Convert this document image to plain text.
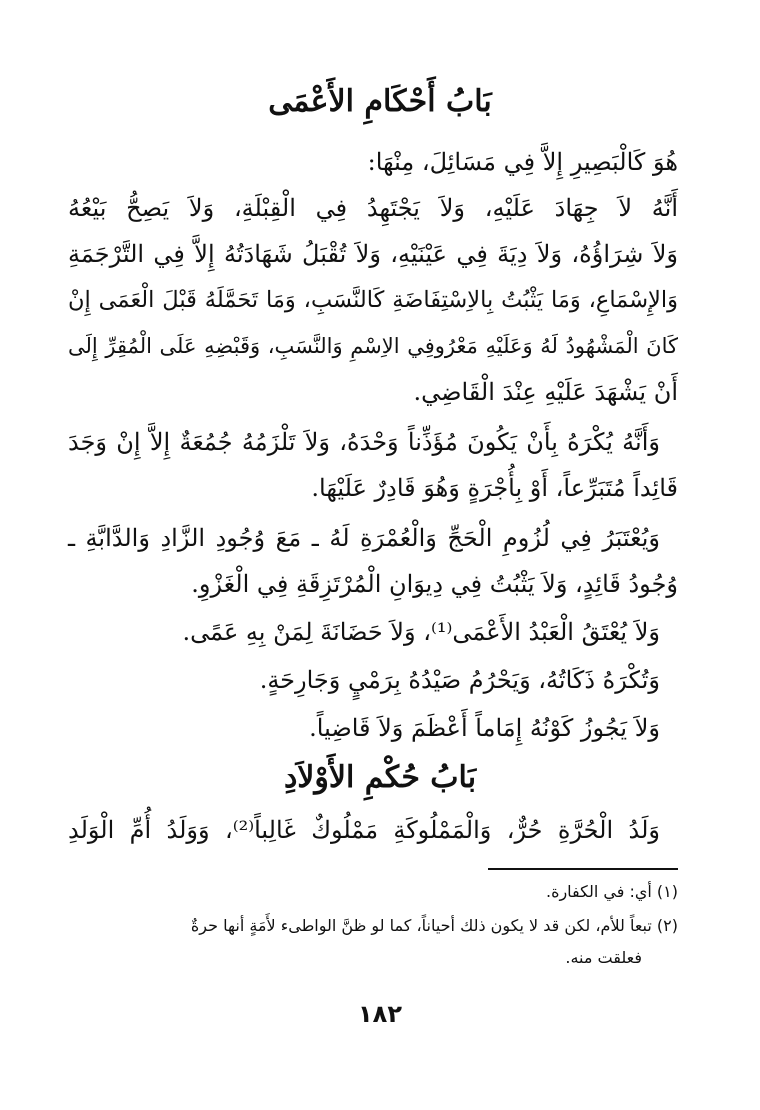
بَابُ أَحْكَامِ الأَعْمَى
هُوَ كَالْبَصِيرِ إِلاَّ فِي مَسَائِلَ، مِنْهَا:
أَنَّهُ لاَ جِهَادَ عَلَيْهِ، وَلاَ يَجْتَهِدُ فِي الْقِبْلَةِ، وَلاَ يَصِحُّ بَيْعُهُ
وَلاَ شِرَاؤُهُ، وَلاَ دِيَةَ فِي عَيْنَيْهِ، وَلاَ تُقْبَلُ شَهَادَتُهُ إِلاَّ فِي التَّرْجَمَةِ
وَالإِسْمَاعِ، وَمَا يَثْبُتُ بِالاِسْتِفَاضَةِ كَالنَّسَبِ، وَمَا تَحَمَّلَهُ قَبْلَ الْعَمَى إِنْ
كَانَ الْمَشْهُودُ لَهُ وَعَلَيْهِ مَعْرُوفِي الاِسْمِ وَالنَّسَبِ، وَقَبْضِهِ عَلَى الْمُقِرِّ إِلَى
أَنْ يَشْهَدَ عَلَيْهِ عِنْدَ الْقَاضِي.
وَأَنَّهُ يُكْرَهُ بِأَنْ يَكُونَ مُؤَذِّناً وَحْدَهُ، وَلاَ تَلْزَمُهُ جُمُعَةٌ إِلاَّ إِنْ وَجَدَ
قَائِداً مُتَبَرِّعاً، أَوْ بِأُجْرَةٍ وَهُوَ قَادِرٌ عَلَيْهَا.
وَيُعْتَبَرُ فِي لُزُومِ الْحَجِّ وَالْعُمْرَةِ لَهُ ـ مَعَ وُجُودِ الزَّادِ وَالدَّابَّةِ ـ
وُجُودُ قَائِدٍ، وَلاَ يَثْبُتُ فِي دِيوَانِ الْمُرْتَزِقَةِ فِي الْغَزْوِ.
وَلاَ يُعْتَقُ الْعَبْدُ الأَعْمَى⁽¹⁾، وَلاَ حَضَانَةَ لِمَنْ بِهِ عَمًى.
وَتُكْرَهُ ذَكَاتُهُ، وَيَحْرُمُ صَيْدُهُ بِرَمْيٍ وَجَارِحَةٍ.
وَلاَ يَجُوزُ كَوْنُهُ إِمَاماً أَعْظَمَ وَلاَ قَاضِياً.
بَابُ حُكْمِ الأَوْلاَدِ
وَلَدُ الْحُرَّةِ حُرٌّ، وَالْمَمْلُوكَةِ مَمْلُوكٌ غَالِباً⁽²⁾، وَوَلَدُ أُمِّ الْوَلَدِ
(١) أي: في الكفارة.
(٢) تبعاً للأم، لكن قد لا يكون ذلك أحياناً، كما لو ظنَّ الواطىء لأَمَةٍ أنها حرةٌ
فعلقت منه.
١٨٢
